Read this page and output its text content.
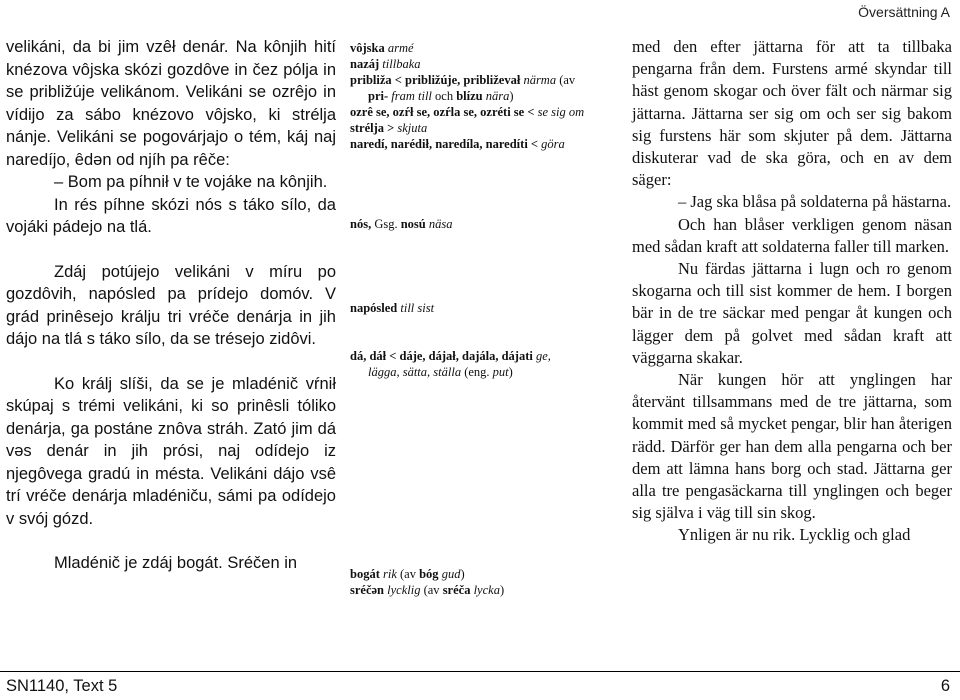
Översättning A

velikáni, da bi jim vzêł denár. Na kônjih hití knézova vôjska skózi gozdôve in čez pólja in se približúje velikánom. Velikáni se ozrêjo in vídijo za sábo knézovo vôjsko, ki strélja nánje. Velikáni se pogovárjajo o tém, káj naj naredíjo, êdən od njíh pa rêče:

– Bom pa píhnił v te vojáke na kônjih.

In rés píhne skózi nós s táko sílo, da vojáki pádejo na tlá.

Zdáj potújejo velikáni v míru po gozdôvih, napósled pa prídejo domóv. V grád prinêsejo králju tri vréče denárja in jih dájo na tlá s táko sílo, da se trésejo zidôvi.

Ko králj slíši, da se je mladénič vŕnił skúpaj s trémi velikáni, ki so prinêsli tóliko denárja, ga postáne znôva stráh. Zató jim dá vəs denár in jih prósi, naj odídejo iz njegôvega gradú in mésta. Velikáni dájo vsê trí vréče denárja mladéniču, sámi pa odídejo v svój gózd.

Mladénič je zdáj bogát. Sréčen in

vôjska armé

nazáj tillbaka

približa < približúje, približevał närma (av
pri- fram till och blízu nära)

ozrê se, ozŕł se, ozŕla se, ozréti se < se sig om

strélja > skjuta

naredí, narédił, naredíla, naredíti < göra

nós, Gsg. nosú näsa

napósled till sist

dá, dáł < dáje, dájał, dajála, dájati ge,
lägga, sätta, ställa (eng. put)

bogát rik (av bóg gud)

sréčən lycklig (av sréča lycka)

med den efter jättarna för att ta tillbaka pengarna från dem. Furstens armé skyndar till häst genom skogar och över fält och närmar sig jättarna. Jättarna ser sig om och ser sig bakom sig furstens här som skjuter på dem. Jättarna diskuterar vad de ska göra, och en av dem säger:

– Jag ska blåsa på soldaterna på hästarna.

Och han blåser verkligen genom näsan med sådan kraft att soldaterna faller till marken.

Nu färdas jättarna i lugn och ro genom skogarna och till sist kommer de hem. I borgen bär in de tre säckar med pengar åt kungen och lägger dem på golvet med sådan kraft att väggarna skakar.

När kungen hör att ynglingen har återvänt tillsammans med de tre jättarna, som kommit med så mycket pengar, blir han återigen rädd. Därför ger han dem alla pengarna och ber dem att lämna hans borg och stad. Jättarna ger alla tre pengasäckarna till ynglingen och beger sig själva i väg till sin skog.

Ynligen är nu rik. Lycklig och glad

SN1140, Text 5	6
